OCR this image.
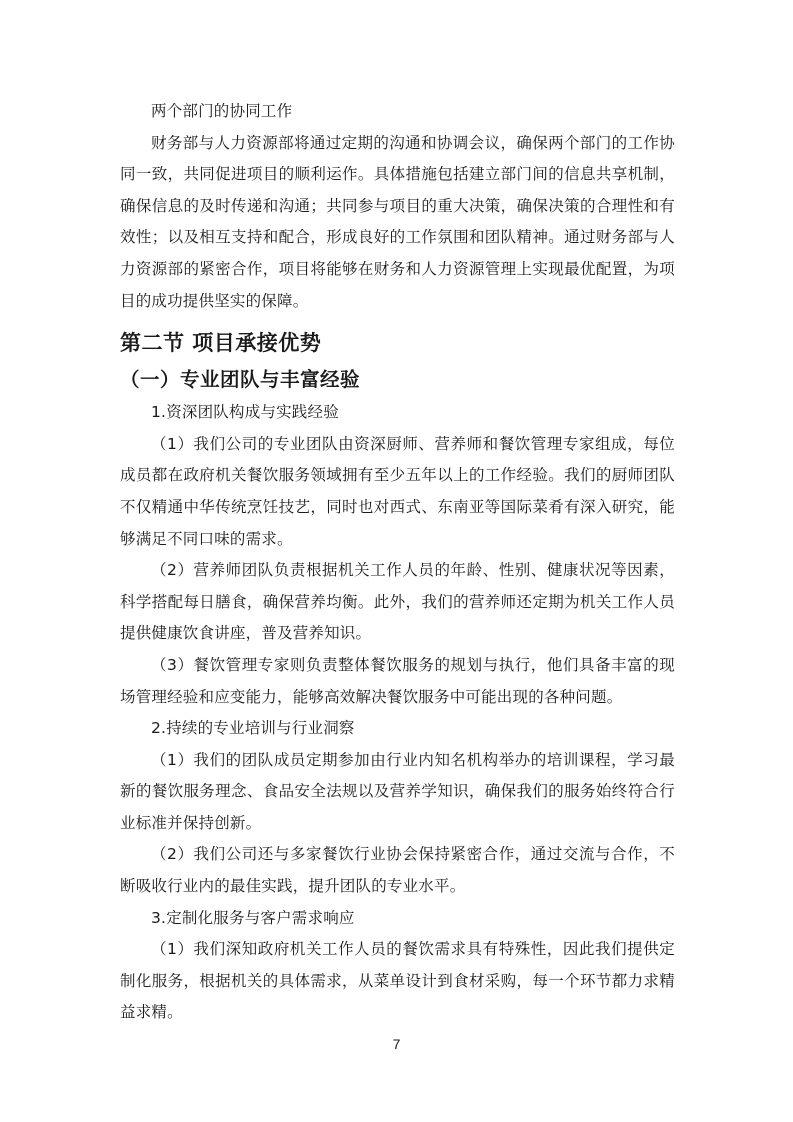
两个部门的协同工作

财务部与人力资源部将通过定期的沟通和协调会议，确保两个部门的工作协同一致，共同促进项目的顺利运作。具体措施包括建立部门间的信息共享机制，确保信息的及时传递和沟通；共同参与项目的重大决策，确保决策的合理性和有效性；以及相互支持和配合，形成良好的工作氛围和团队精神。通过财务部与人力资源部的紧密合作，项目将能够在财务和人力资源管理上实现最优配置，为项目的成功提供坚实的保障。

第二节 项目承接优势
（一）专业团队与丰富经验

1.资深团队构成与实践经验

（1）我们公司的专业团队由资深厨师、营养师和餐饮管理专家组成，每位成员都在政府机关餐饮服务领域拥有至少五年以上的工作经验。我们的厨师团队不仅精通中华传统烹饪技艺，同时也对西式、东南亚等国际菜肴有深入研究，能够满足不同口味的需求。

（2）营养师团队负责根据机关工作人员的年龄、性别、健康状况等因素，科学搭配每日膳食，确保营养均衡。此外，我们的营养师还定期为机关工作人员提供健康饮食讲座，普及营养知识。

（3）餐饮管理专家则负责整体餐饮服务的规划与执行，他们具备丰富的现场管理经验和应变能力，能够高效解决餐饮服务中可能出现的各种问题。

2.持续的专业培训与行业洞察

（1）我们的团队成员定期参加由行业内知名机构举办的培训课程，学习最新的餐饮服务理念、食品安全法规以及营养学知识，确保我们的服务始终符合行业标准并保持创新。

（2）我们公司还与多家餐饮行业协会保持紧密合作，通过交流与合作，不断吸收行业内的最佳实践，提升团队的专业水平。

3.定制化服务与客户需求响应

（1）我们深知政府机关工作人员的餐饮需求具有特殊性，因此我们提供定制化服务，根据机关的具体需求，从菜单设计到食材采购，每一个环节都力求精益求精。

7
